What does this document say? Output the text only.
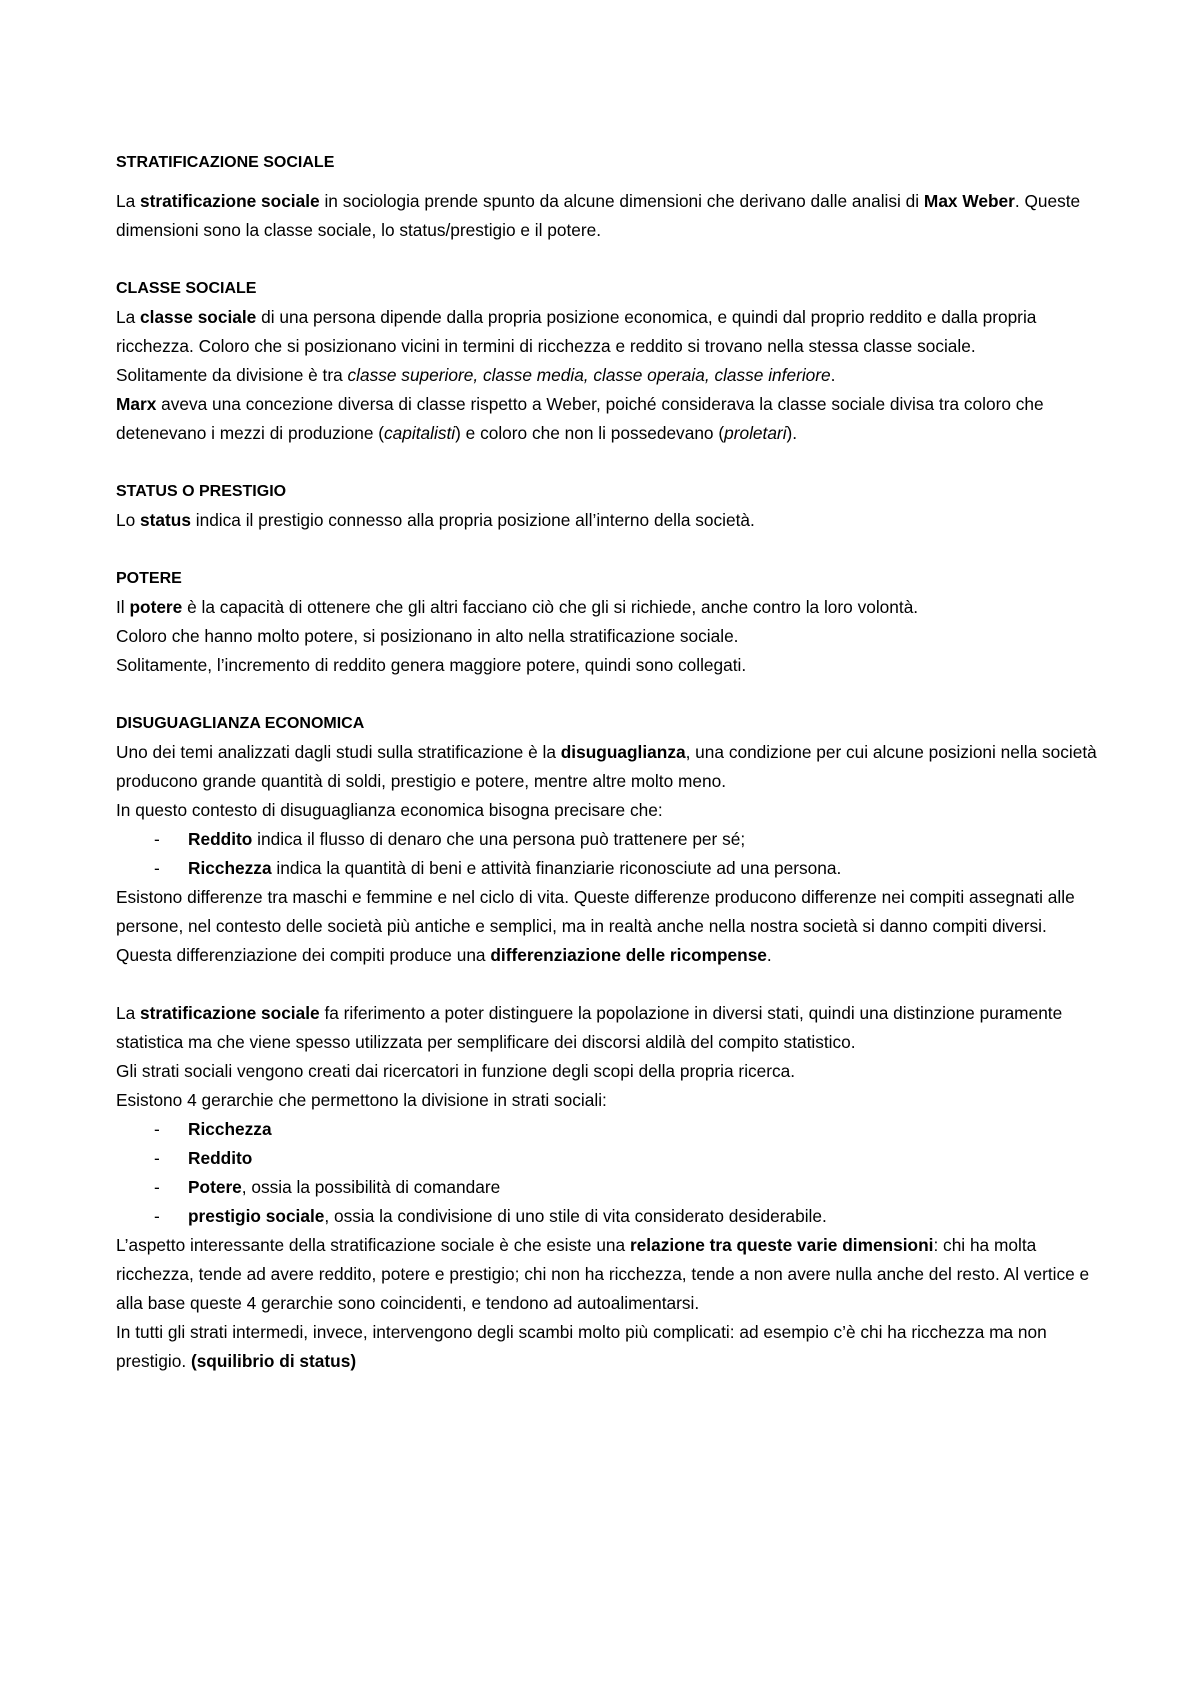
STRATIFICAZIONE SOCIALE

La stratificazione sociale in sociologia prende spunto da alcune dimensioni che derivano dalle analisi di Max Weber. Queste dimensioni sono la classe sociale, lo status/prestigio e il potere.

CLASSE SOCIALE

La classe sociale di una persona dipende dalla propria posizione economica, e quindi dal proprio reddito e dalla propria ricchezza. Coloro che si posizionano vicini in termini di ricchezza e reddito si trovano nella stessa classe sociale.

Solitamente da divisione è tra classe superiore, classe media, classe operaia, classe inferiore.

Marx aveva una concezione diversa di classe rispetto a Weber, poiché considerava la classe sociale divisa tra coloro che detenevano i mezzi di produzione (capitalisti) e coloro che non li possedevano (proletari).

STATUS O PRESTIGIO

Lo status indica il prestigio connesso alla propria posizione all’interno della società.

POTERE

Il potere è la capacità di ottenere che gli altri facciano ciò che gli si richiede, anche contro la loro volontà.

Coloro che hanno molto potere, si posizionano in alto nella stratificazione sociale.

Solitamente, l’incremento di reddito genera maggiore potere, quindi sono collegati.

DISUGUAGLIANZA ECONOMICA

Uno dei temi analizzati dagli studi sulla stratificazione è la disuguaglianza, una condizione per cui alcune posizioni nella società producono grande quantità di soldi, prestigio e potere, mentre altre molto meno.

In questo contesto di disuguaglianza economica bisogna precisare che:

- Reddito indica il flusso di denaro che una persona può trattenere per sé;
- Ricchezza indica la quantità di beni e attività finanziarie riconosciute ad una persona.

Esistono differenze tra maschi e femmine e nel ciclo di vita. Queste differenze producono differenze nei compiti assegnati alle persone, nel contesto delle società più antiche e semplici, ma in realtà anche nella nostra società si danno compiti diversi.

Questa differenziazione dei compiti produce una differenziazione delle ricompense.

La stratificazione sociale fa riferimento a poter distinguere la popolazione in diversi stati, quindi una distinzione puramente statistica ma che viene spesso utilizzata per semplificare dei discorsi aldilà del compito statistico.

Gli strati sociali vengono creati dai ricercatori in funzione degli scopi della propria ricerca.

Esistono 4 gerarchie che permettono la divisione in strati sociali:

- Ricchezza
- Reddito
- Potere, ossia la possibilità di comandare
- prestigio sociale, ossia la condivisione di uno stile di vita considerato desiderabile.

L’aspetto interessante della stratificazione sociale è che esiste una relazione tra queste varie dimensioni: chi ha molta ricchezza, tende ad avere reddito, potere e prestigio; chi non ha ricchezza, tende a non avere nulla anche del resto. Al vertice e alla base queste 4 gerarchie sono coincidenti, e tendono ad autoalimentarsi.

In tutti gli strati intermedi, invece, intervengono degli scambi molto più complicati: ad esempio c’è chi ha ricchezza ma non prestigio. (squilibrio di status)
